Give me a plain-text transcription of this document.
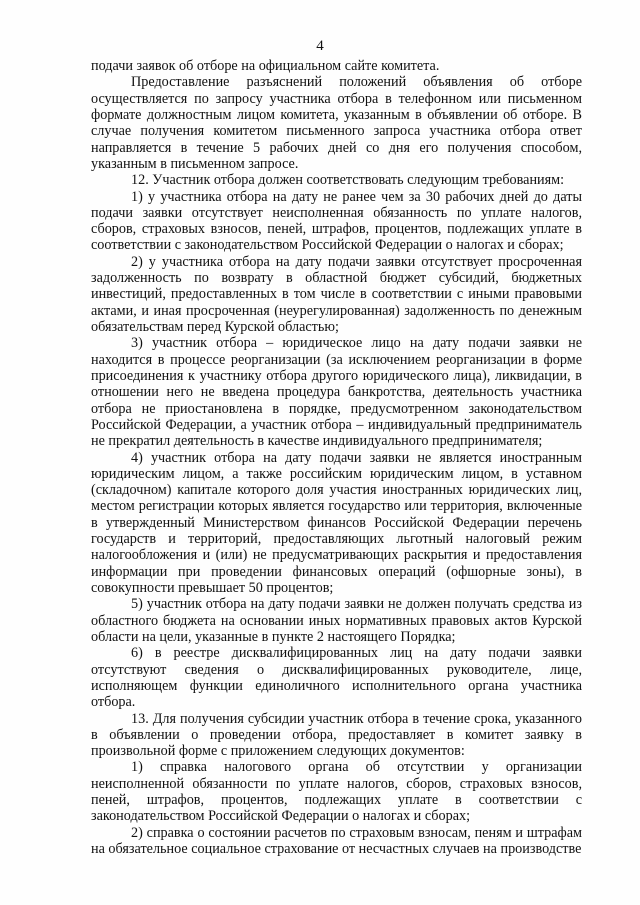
4

подачи заявок об отборе на официальном сайте комитета.

Предоставление разъяснений положений объявления об отборе осуществляется по запросу участника отбора в телефонном или письменном формате должностным лицом комитета, указанным в объявлении об отборе. В случае получения комитетом письменного запроса участника отбора ответ направляется в течение 5 рабочих дней со дня его получения способом, указанным в письменном запросе.

12. Участник отбора должен соответствовать следующим требованиям:

1) у участника отбора на дату не ранее чем за 30 рабочих дней до даты подачи заявки отсутствует неисполненная обязанность по уплате налогов, сборов, страховых взносов, пеней, штрафов, процентов, подлежащих уплате в соответствии с законодательством Российской Федерации о налогах и сборах;

2) у участника отбора на дату подачи заявки отсутствует просроченная задолженность по возврату в областной бюджет субсидий, бюджетных инвестиций, предоставленных в том числе в соответствии с иными правовыми актами, и иная просроченная (неурегулированная) задолженность по денежным обязательствам перед Курской областью;

3) участник отбора – юридическое лицо на дату подачи заявки не находится в процессе реорганизации (за исключением реорганизации в форме присоединения к участнику отбора другого юридического лица), ликвидации, в отношении него не введена процедура банкротства, деятельность участника отбора не приостановлена в порядке, предусмотренном законодательством Российской Федерации, а участник отбора – индивидуальный предприниматель не прекратил деятельность в качестве индивидуального предпринимателя;

4) участник отбора на дату подачи заявки не является иностранным юридическим лицом, а также российским юридическим лицом, в уставном (складочном) капитале которого доля участия иностранных юридических лиц, местом регистрации которых является государство или территория, включенные в утвержденный Министерством финансов Российской Федерации перечень государств и территорий, предоставляющих льготный налоговый режим налогообложения и (или) не предусматривающих раскрытия и предоставления информации при проведении финансовых операций (офшорные зоны), в совокупности превышает 50 процентов;

5) участник отбора на дату подачи заявки не должен получать средства из областного бюджета на основании иных нормативных правовых актов Курской области на цели, указанные в пункте 2 настоящего Порядка;

6) в реестре дисквалифицированных лиц на дату подачи заявки отсутствуют сведения о дисквалифицированных руководителе, лице, исполняющем функции единоличного исполнительного органа участника отбора.

13. Для получения субсидии участник отбора в течение срока, указанного в объявлении о проведении отбора, предоставляет в комитет заявку в произвольной форме с приложением следующих документов:

1) справка налогового органа об отсутствии у организации неисполненной обязанности по уплате налогов, сборов, страховых взносов, пеней, штрафов, процентов, подлежащих уплате в соответствии с законодательством Российской Федерации о налогах и сборах;

2) справка о состоянии расчетов по страховым взносам, пеням и штрафам на обязательное социальное страхование от несчастных случаев на производстве
